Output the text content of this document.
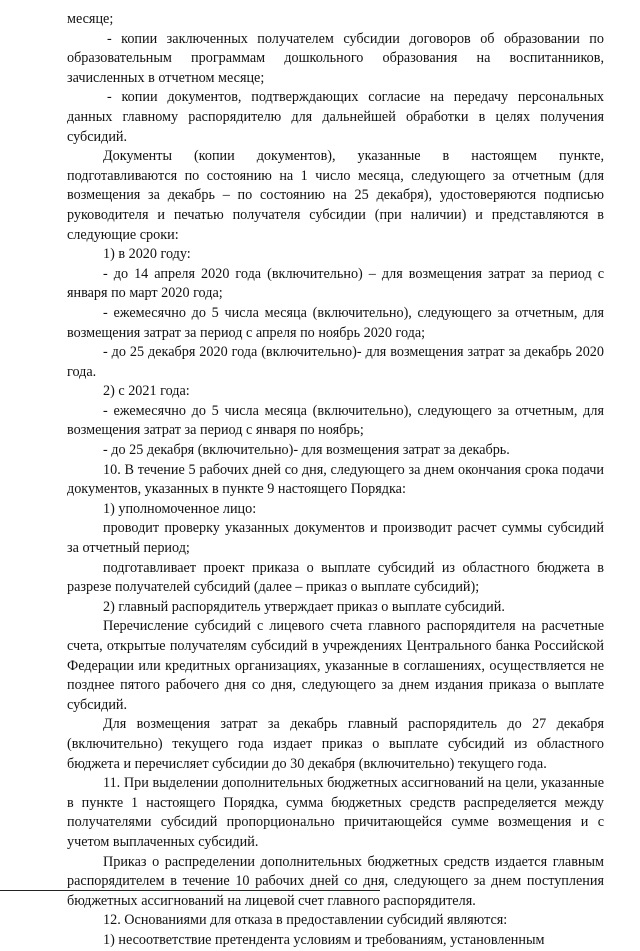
месяце;

- копии заключенных получателем субсидии договоров об образовании по образовательным программам дошкольного образования на воспитанников, зачисленных в отчетном месяце;

- копии документов, подтверждающих согласие на передачу персональных данных главному распорядителю для дальнейшей обработки в целях получения субсидий.

Документы (копии документов), указанные в настоящем пункте, подготавливаются по состоянию на 1 число месяца, следующего за отчетным (для возмещения за декабрь – по состоянию на 25 декабря), удостоверяются подписью руководителя и печатью получателя субсидии (при наличии) и представляются в следующие сроки:

1) в 2020 году:

- до 14 апреля 2020 года (включительно) – для возмещения затрат за период с января по март 2020 года;

- ежемесячно до 5 числа месяца (включительно), следующего за отчетным, для возмещения затрат за период с апреля по ноябрь 2020 года;

- до 25 декабря 2020 года (включительно)- для возмещения затрат за декабрь 2020 года.

2) с 2021 года:

- ежемесячно до 5 числа месяца (включительно), следующего за отчетным, для возмещения затрат за период с января по ноябрь;

- до 25 декабря (включительно)- для возмещения затрат за декабрь.

10. В течение 5 рабочих дней со дня, следующего за днем окончания срока подачи документов, указанных в пункте 9 настоящего Порядка:

1) уполномоченное лицо:

проводит проверку указанных документов и производит расчет суммы субсидий за отчетный период;

подготавливает проект приказа о выплате субсидий из областного бюджета в разрезе получателей субсидий (далее – приказ о выплате субсидий);

2) главный распорядитель утверждает приказ о выплате субсидий.

Перечисление субсидий с лицевого счета главного распорядителя на расчетные счета, открытые получателям субсидий в учреждениях Центрального банка Российской Федерации или кредитных организациях, указанные в соглашениях, осуществляется не позднее пятого рабочего дня со дня, следующего за днем издания приказа о выплате субсидий.

Для возмещения затрат за декабрь главный распорядитель до 27 декабря (включительно) текущего года издает приказ о выплате субсидий из областного бюджета и перечисляет субсидии до 30 декабря (включительно) текущего года.

11. При выделении дополнительных бюджетных ассигнований на цели, указанные в пункте 1 настоящего Порядка, сумма бюджетных средств распределяется между получателями субсидий пропорционально причитающейся сумме возмещения и с учетом выплаченных субсидий.

Приказ о распределении дополнительных бюджетных средств издается главным распорядителем в течение 10 рабочих дней со дня, следующего за днем поступления бюджетных ассигнований на лицевой счет главного распорядителя.

12. Основаниями для отказа в предоставлении субсидий являются:

1) несоответствие претендента условиям и требованиям, установленным
